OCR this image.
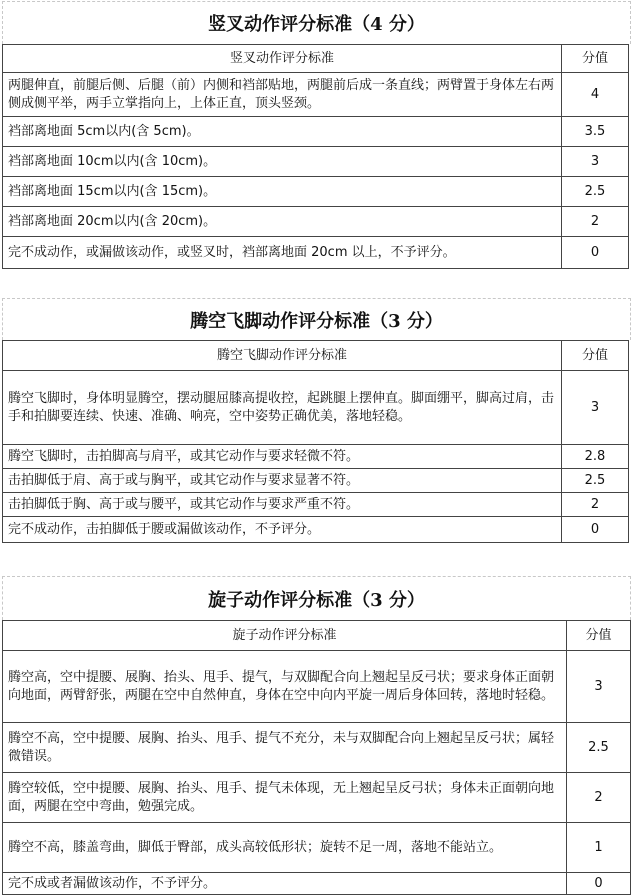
竖叉动作评分标准（4 分）
竖叉动作评分标准	分值
两腿伸直，前腿后侧、后腿（前）内侧和裆部贴地，两腿前后成一条直线；两臂置于身体左右两侧成侧平举，两手立掌指向上，上体正直，顶头竖颈。	4
裆部离地面 5cm以内(含 5cm)。	3.5
裆部离地面 10cm以内(含 10cm)。	3
裆部离地面 15cm以内(含 15cm)。	2.5
裆部离地面 20cm以内(含 20cm)。	2
完不成动作，或漏做该动作，或竖叉时，裆部离地面 20cm 以上，不予评分。	0
腾空飞脚动作评分标准（3 分）
腾空飞脚动作评分标准	分值
腾空飞脚时，身体明显腾空，摆动腿屈膝高提收控，起跳腿上摆伸直。脚面绷平，脚高过肩，击手和拍脚要连续、快速、准确、响亮，空中姿势正确优美，落地轻稳。	3
腾空飞脚时，击拍脚高与肩平，或其它动作与要求轻微不符。	2.8
击拍脚低于肩、高于或与胸平，或其它动作与要求显著不符。	2.5
击拍脚低于胸、高于或与腰平，或其它动作与要求严重不符。	2
完不成动作，击拍脚低于腰或漏做该动作，不予评分。	0
旋子动作评分标准（3 分）
旋子动作评分标准	分值
腾空高，空中提腰、展胸、抬头、甩手、提气，与双脚配合向上翘起呈反弓状；要求身体正面朝向地面，两臂舒张，两腿在空中自然伸直，身体在空中向内平旋一周后身体回转，落地时轻稳。	3
腾空不高，空中提腰、展胸、抬头、甩手、提气不充分，未与双脚配合向上翘起呈反弓状；属轻微错误。	2.5
腾空较低，空中提腰、展胸、抬头、甩手、提气未体现，无上翘起呈反弓状；身体未正面朝向地面，两腿在空中弯曲，勉强完成。	2
腾空不高，膝盖弯曲，脚低于臀部，成头高较低形状；旋转不足一周，落地不能站立。	1
完不成或者漏做该动作，不予评分。	0
